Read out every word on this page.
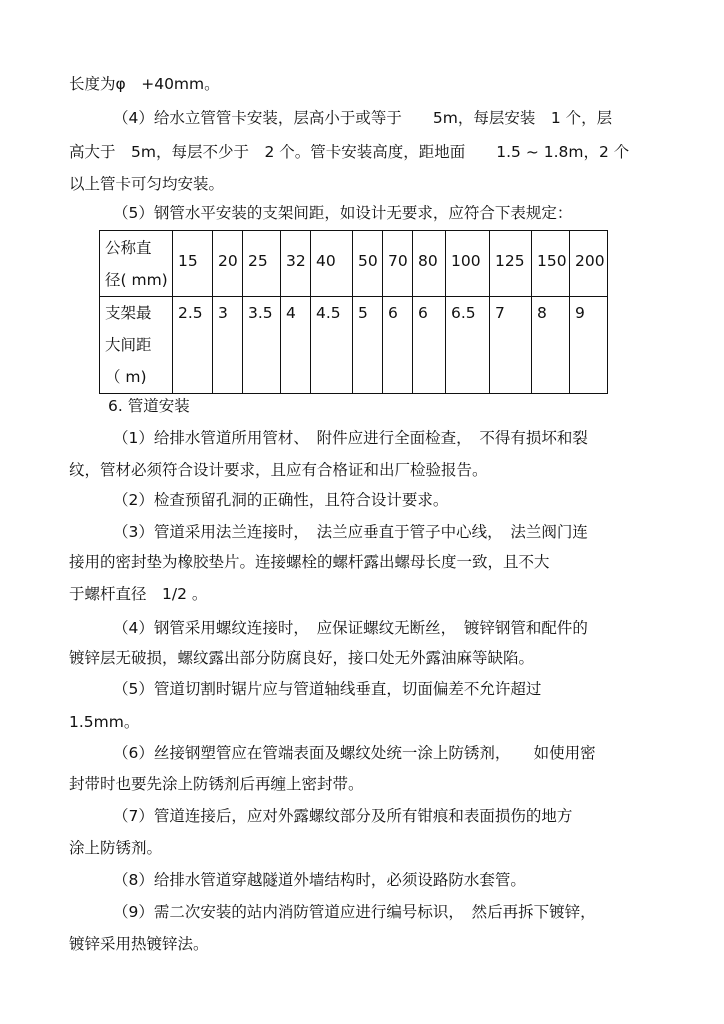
长度为φ　+40mm。
（4）给水立管管卡安装，层高小于或等于　　5m，每层安装　1 个，层
高大于　5m，每层不少于　2 个。管卡安装高度，距地面　　1.5 ~ 1.8m，2 个
以上管卡可匀均安装。
（5）钢管水平安装的支架间距，如设计无要求，应符合下表规定：
公称直
径( mm)	15	20	25	32	40	50	70	80	100	125	150	200

支架最
大间距
（ m)	2.5	3	3.5	4	4.5	5	6	6	6.5	7	8	9
6. 管道安装
（1）给排水管道所用管材、　附件应进行全面检查，　不得有损坏和裂
纹，管材必须符合设计要求，且应有合格证和出厂检验报告。
（2）检查预留孔洞的正确性，且符合设计要求。
（3）管道采用法兰连接时，　法兰应垂直于管子中心线，　法兰阀门连
接用的密封垫为橡胶垫片。连接螺栓的螺杆露出螺母长度一致，且不大
于螺杆直径　1/2 。
（4）钢管采用螺纹连接时，　应保证螺纹无断丝，　镀锌钢管和配件的
镀锌层无破损，螺纹露出部分防腐良好，接口处无外露油麻等缺陷。
（5）管道切割时锯片应与管道轴线垂直，切面偏差不允许超过
1.5mm。
（6）丝接钢塑管应在管端表面及螺纹处统一涂上防锈剂，　　如使用密
封带时也要先涂上防锈剂后再缠上密封带。
（7）管道连接后，应对外露螺纹部分及所有钳痕和表面损伤的地方
涂上防锈剂。
（8）给排水管道穿越隧道外墙结构时，必须设路防水套管。
（9）需二次安装的站内消防管道应进行编号标识，　然后再拆下镀锌，
镀锌采用热镀锌法。
